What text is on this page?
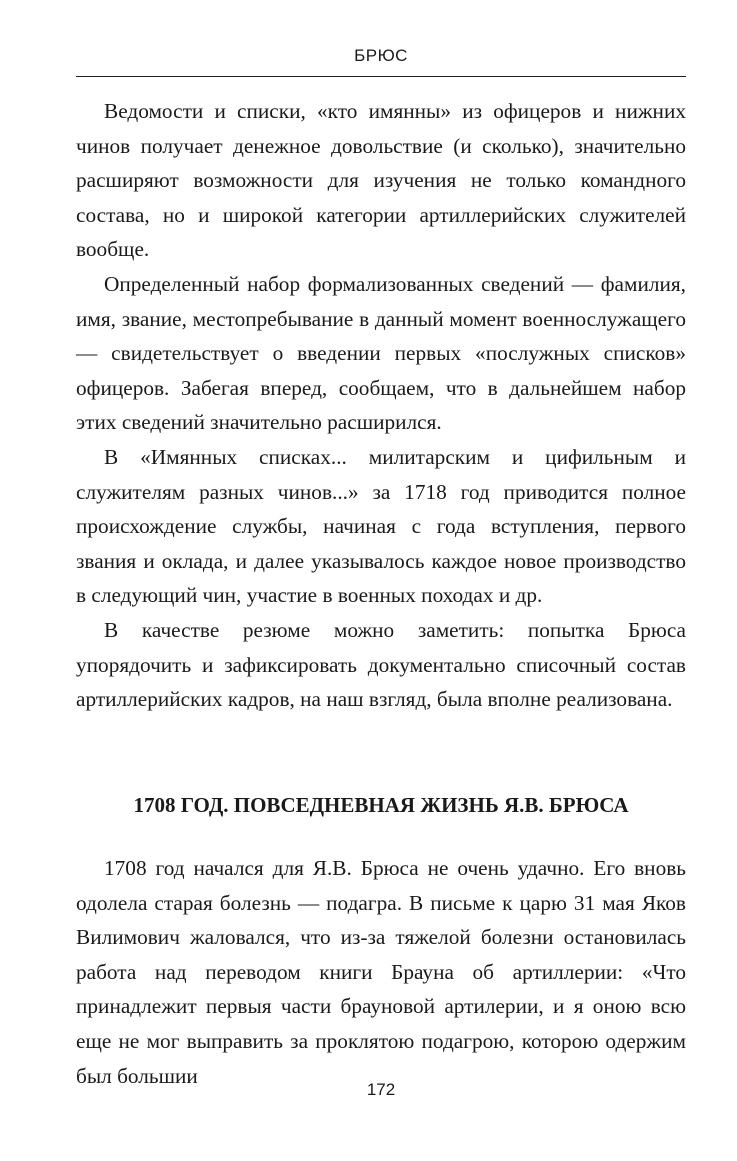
БРЮС

Ведомости и списки, «кто имянны» из офицеров и нижних чинов получает денежное довольствие (и сколько), значительно расширяют возможности для изучения не только командного состава, но и широкой категории артиллерийских служителей вообще.

Определенный набор формализованных сведений — фамилия, имя, звание, местопребывание в данный момент военнослужащего — свидетельствует о введении первых «послужных списков» офицеров. Забегая вперед, сообщаем, что в дальнейшем набор этих сведений значительно расширился.

В «Имянных списках... милитарским и цифильным и служителям разных чинов...» за 1718 год приводится полное происхождение службы, начиная с года вступления, первого звания и оклада, и далее указывалось каждое новое производство в следующий чин, участие в военных походах и др.

В качестве резюме можно заметить: попытка Брюса упорядочить и зафиксировать документально списочный состав артиллерийских кадров, на наш взгляд, была вполне реализована.

1708 ГОД. ПОВСЕДНЕВНАЯ ЖИЗНЬ Я.В. БРЮСА

1708 год начался для Я.В. Брюса не очень удачно. Его вновь одолела старая болезнь — подагра. В письме к царю 31 мая Яков Вилимович жаловался, что из-за тяжелой болезни остановилась работа над переводом книги Брауна об артиллерии: «Что принадлежит первыя части брауновой артилерии, и я оною всю еще не мог выправить за проклятою подагрою, которою одержим был большии

172
